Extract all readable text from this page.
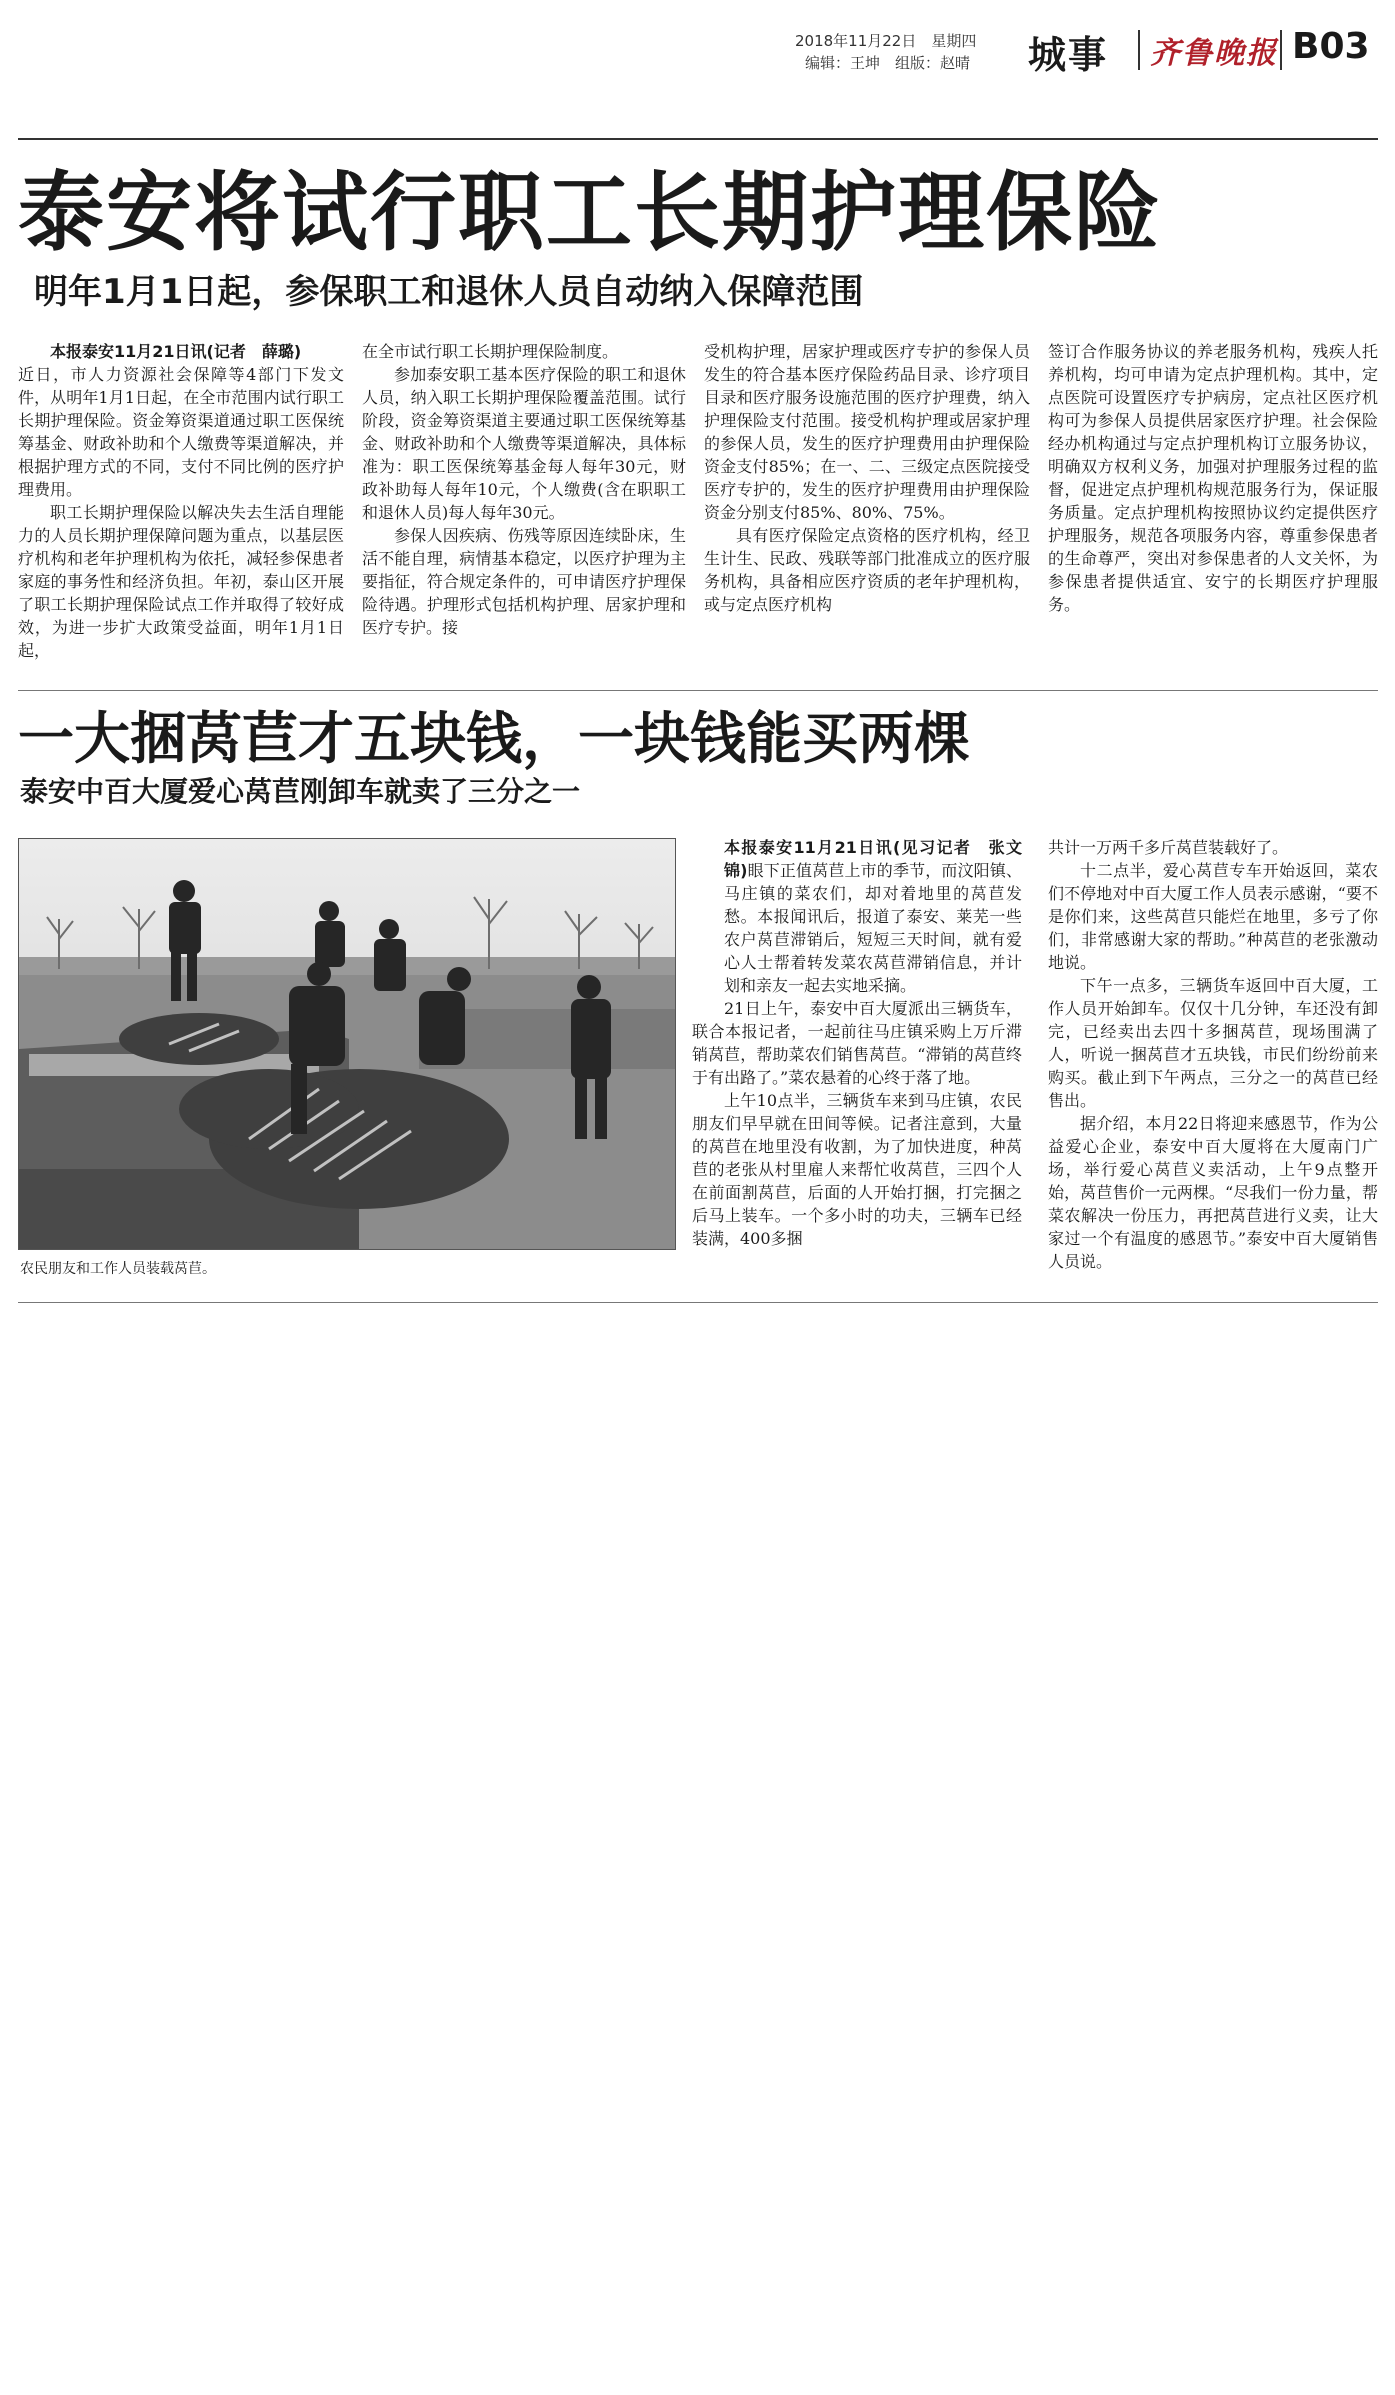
2018年11月22日　星期四
编辑：王坤　组版：赵晴 城事 齐鲁晚报 B03
泰安将试行职工长期护理保险
明年1月1日起，参保职工和退休人员自动纳入保障范围

本报泰安11月21日讯(记者　薛璐)

近日，市人力资源社会保障等4部门下发文件，从明年1月1日起，在全市范围内试行职工长期护理保险。资金筹资渠道通过职工医保统筹基金、财政补助和个人缴费等渠道解决，并根据护理方式的不同，支付不同比例的医疗护理费用。

职工长期护理保险以解决失去生活自理能力的人员长期护理保障问题为重点，以基层医疗机构和老年护理机构为依托，减轻参保患者家庭的事务性和经济负担。年初，泰山区开展了职工长期护理保险试点工作并取得了较好成效，为进一步扩大政策受益面，明年1月1日起，

在全市试行职工长期护理保险制度。

参加泰安职工基本医疗保险的职工和退休人员，纳入职工长期护理保险覆盖范围。试行阶段，资金筹资渠道主要通过职工医保统筹基金、财政补助和个人缴费等渠道解决，具体标准为：职工医保统筹基金每人每年30元，财政补助每人每年10元，个人缴费(含在职职工和退休人员)每人每年30元。

参保人因疾病、伤残等原因连续卧床，生活不能自理，病情基本稳定，以医疗护理为主要指征，符合规定条件的，可申请医疗护理保险待遇。护理形式包括机构护理、居家护理和医疗专护。接

受机构护理，居家护理或医疗专护的参保人员发生的符合基本医疗保险药品目录、诊疗项目目录和医疗服务设施范围的医疗护理费，纳入护理保险支付范围。接受机构护理或居家护理的参保人员，发生的医疗护理费用由护理保险资金支付85%；在一、二、三级定点医院接受医疗专护的，发生的医疗护理费用由护理保险资金分别支付85%、80%、75%。

具有医疗保险定点资格的医疗机构，经卫生计生、民政、残联等部门批准成立的医疗服务机构，具备相应医疗资质的老年护理机构，或与定点医疗机构

签订合作服务协议的养老服务机构，残疾人托养机构，均可申请为定点护理机构。其中，定点医院可设置医疗专护病房，定点社区医疗机构可为参保人员提供居家医疗护理。社会保险经办机构通过与定点护理机构订立服务协议，明确双方权利义务，加强对护理服务过程的监督，促进定点护理机构规范服务行为，保证服务质量。定点护理机构按照协议约定提供医疗护理服务，规范各项服务内容，尊重参保患者的生命尊严，突出对参保患者的人文关怀，为参保患者提供适宜、安宁的长期医疗护理服务。

一大捆莴苣才五块钱，一块钱能买两棵
泰安中百大厦爱心莴苣刚卸车就卖了三分之一
农民朋友和工作人员装载莴苣。

本报泰安11月21日讯(见习记者　张文锦)眼下正值莴苣上市的季节，而汶阳镇、马庄镇的菜农们，却对着地里的莴苣发愁。本报闻讯后，报道了泰安、莱芜一些农户莴苣滞销后，短短三天时间，就有爱心人士帮着转发菜农莴苣滞销信息，并计划和亲友一起去实地采摘。

21日上午，泰安中百大厦派出三辆货车，联合本报记者，一起前往马庄镇采购上万斤滞销莴苣，帮助菜农们销售莴苣。“滞销的莴苣终于有出路了。”菜农悬着的心终于落了地。

上午10点半，三辆货车来到马庄镇，农民朋友们早早就在田间等候。记者注意到，大量的莴苣在地里没有收割，为了加快进度，种莴苣的老张从村里雇人来帮忙收莴苣，三四个人在前面割莴苣，后面的人开始打捆，打完捆之后马上装车。一个多小时的功夫，三辆车已经装满，400多捆

共计一万两千多斤莴苣装载好了。

十二点半，爱心莴苣专车开始返回，菜农们不停地对中百大厦工作人员表示感谢，“要不是你们来，这些莴苣只能烂在地里，多亏了你们，非常感谢大家的帮助。”种莴苣的老张激动地说。

下午一点多，三辆货车返回中百大厦，工作人员开始卸车。仅仅十几分钟，车还没有卸完，已经卖出去四十多捆莴苣，现场围满了人，听说一捆莴苣才五块钱，市民们纷纷前来购买。截止到下午两点，三分之一的莴苣已经售出。

据介绍，本月22日将迎来感恩节，作为公益爱心企业，泰安中百大厦将在大厦南门广场，举行爱心莴苣义卖活动，上午9点整开始，莴苣售价一元两棵。“尽我们一份力量，帮菜农解决一份压力，再把莴苣进行义卖，让大家过一个有温度的感恩节。”泰安中百大厦销售人员说。
